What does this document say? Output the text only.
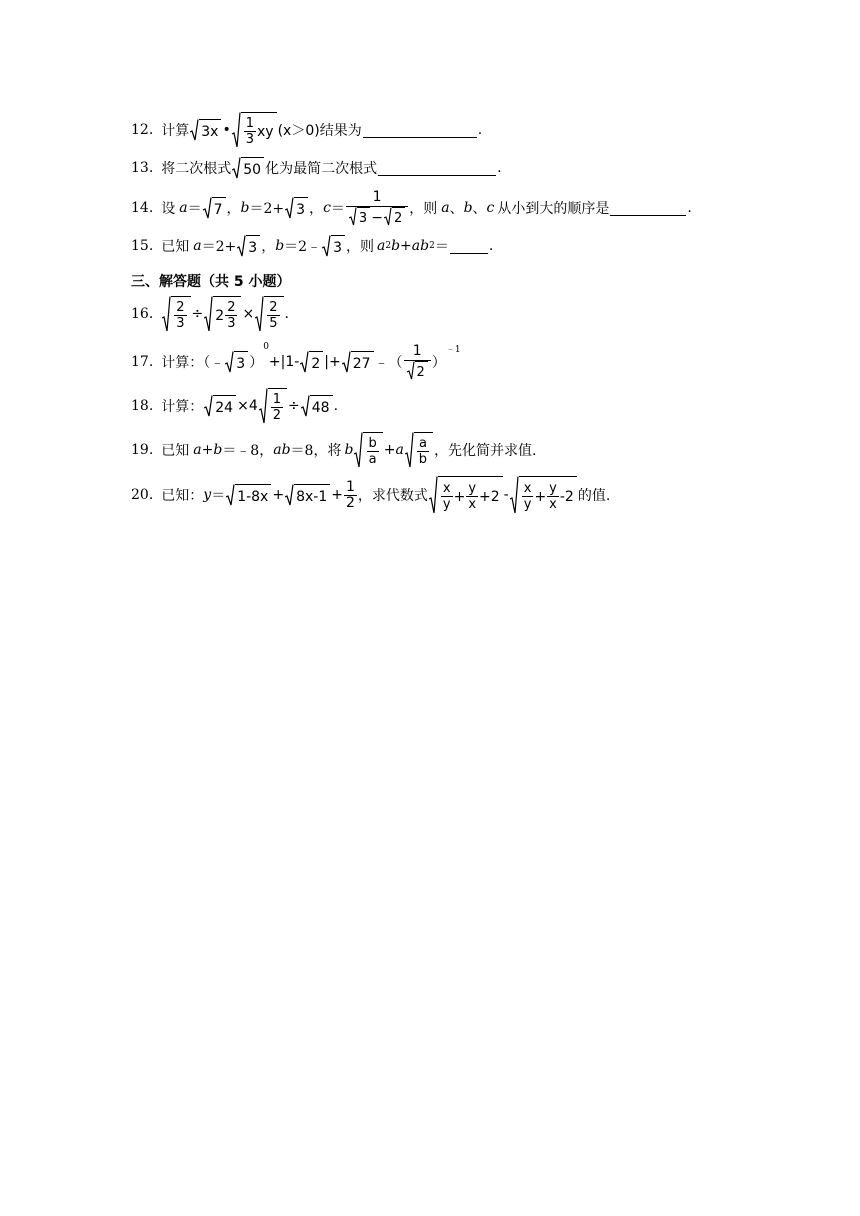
12. 计算 3x • $\frac{1}{3}$ xy (x＞0) 结果为	.
13. 将二次根式 50 化为最简二次根式	.
14. 设 a ＝ 7 ， b ＝2+ 3 ， $c = \frac{1}{3 - 2}$ ，则 a 、 b 、 c 从小到大的顺序是	.
15. 已知 a ＝2+ 3 ， b ＝2﹣ 3 ，则 a 2 b+ab 2 ＝	.
三、解答题（共 5 小题）
16. $\frac{2}{3} \div 2 \frac{2}{3} \times \frac{2}{5}$ .
17. 计算：（﹣ 3 ）
0
+| 1- 2 |+ 27 ﹣（ $\frac{1}{2}$ ）
$^{﹣1}$
18. 计算： $24 \times 4 \frac{1}{2} \div 48$ .
19. 已知 a+b ＝﹣8， ab ＝8，将 b $\frac{b}{a} + a \frac{a}{b}$ ，先化简并求值.
20. 已知： $y = 1-8x + 8x-1 + \frac{1}{2}$ ，求代数式 $\frac{x}{y} + \frac{y}{x} +2 - \frac{x}{y} + \frac{y}{x} -2$ 的值.
